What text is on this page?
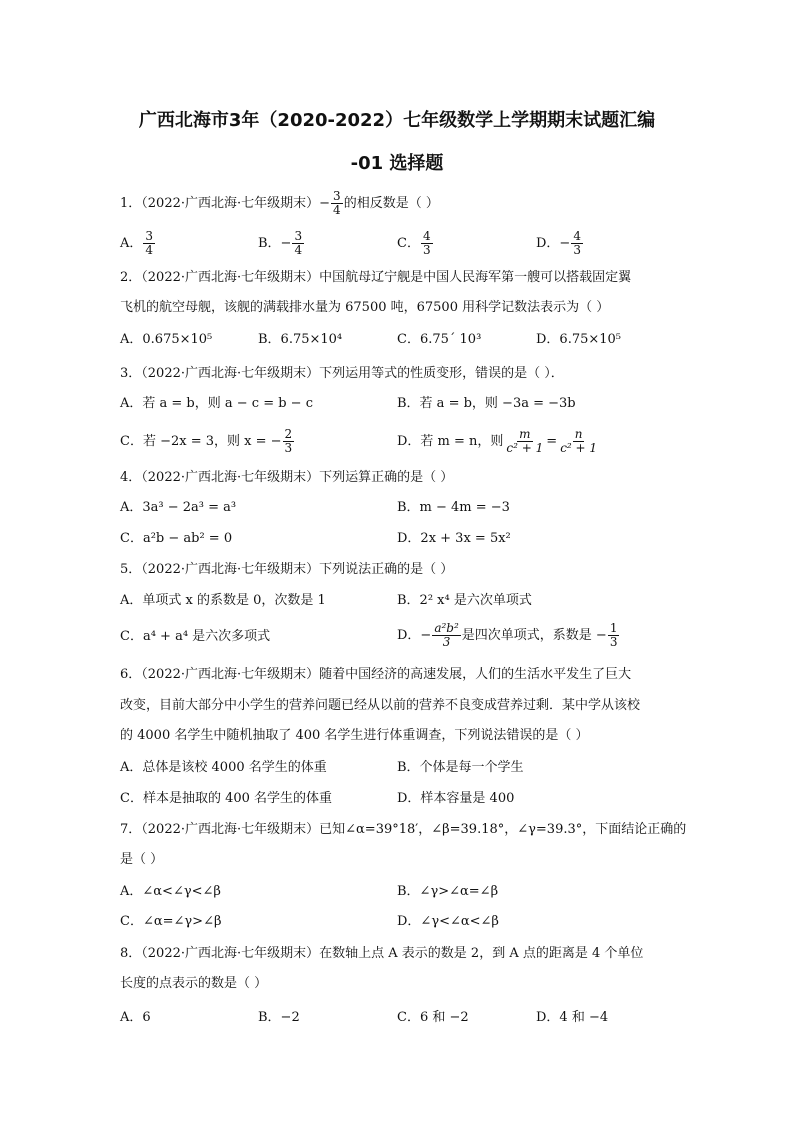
广西北海市3年（2020-2022）七年级数学上学期期末试题汇编
-01 选择题
1．（2022·广西北海·七年级期末）− $\frac{3}{4}$ 的相反数是（ ）
A． $\frac{3}{4}$	B．− $\frac{3}{4}$	C． $\frac{4}{3}$	D．− $\frac{4}{3}$
2．（2022·广西北海·七年级期末）中国航母辽宁舰是中国人民海军第一艘可以搭载固定翼
飞机的航空母舰，该舰的满载排水量为 67500 吨，67500 用科学记数法表示为（ ）
A．0.675×10⁵	B．6.75×10⁴	C．6.75´ 10³	D．6.75×10⁵
3．（2022·广西北海·七年级期末）下列运用等式的性质变形，错误的是（ ）．
A．若 a = b，则 a − c = b − c	B．若 a = b，则 −3a = −3b
C．若 −2x = 3，则 x = − $\frac{2}{3}$	D．若 m = n，则 $\frac{m}{\text{c² + 1}} = \frac{n}{\text{c² + 1}}$
4．（2022·广西北海·七年级期末）下列运算正确的是（ ）
A．3a³ − 2a³ = a³	B．m − 4m = −3
C．a²b − ab² = 0	D．2x + 3x = 5x²
5．（2022·广西北海·七年级期末）下列说法正确的是（ ）
A．单项式 x 的系数是 0，次数是 1	B．2² x⁴ 是六次单项式
C．a⁴ + a⁴ 是六次多项式	D．− $\frac{\text{a²b²}}{3}$ 是四次单项式，系数是 − $\frac{1}{3}$
6．（2022·广西北海·七年级期末）随着中国经济的高速发展，人们的生活水平发生了巨大
改变，目前大部分中小学生的营养问题已经从以前的营养不良变成营养过剩．某中学从该校
的 4000 名学生中随机抽取了 400 名学生进行体重调查，下列说法错误的是（ ）
A．总体是该校 4000 名学生的体重	B．个体是每一个学生
C．样本是抽取的 400 名学生的体重	D．样本容量是 400
7．（2022·广西北海·七年级期末）已知∠α=39°18′，∠β=39.18°，∠γ=39.3°，下面结论正确的
是（ ）
A．∠α<∠γ<∠β	B．∠γ>∠α=∠β
C．∠α=∠γ>∠β	D．∠γ<∠α<∠β
8．（2022·广西北海·七年级期末）在数轴上点 A 表示的数是 2，到 A 点的距离是 4 个单位
长度的点表示的数是（ ）
A．6	B．−2	C．6 和 −2	D．4 和 −4
